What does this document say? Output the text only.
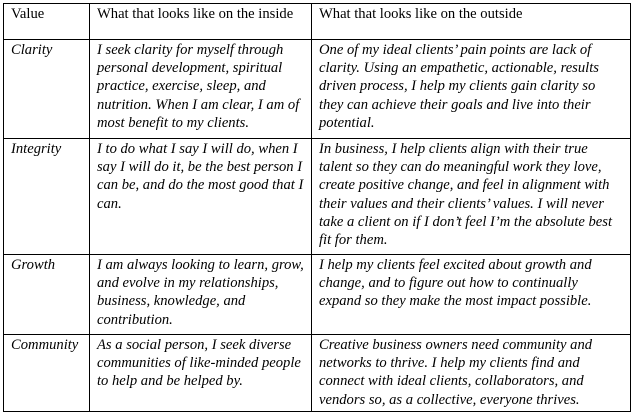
Value	What that looks like on the inside	What that looks like on the outside
Clarity	I seek clarity for myself through personal development, spiritual practice, exercise, sleep, and nutrition. When I am clear, I am of most benefit to my clients.	One of my ideal clients’ pain points are lack of clarity. Using an empathetic, actionable, results driven process, I help my clients gain clarity so they can achieve their goals and live into their potential.
Integrity	I to do what I say I will do, when I say I will do it, be the best person I can be, and do the most good that I can.	In business, I help clients align with their true talent so they can do meaningful work they love, create positive change, and feel in alignment with their values and their clients’ values. I will never take a client on if I don’t feel I’m the absolute best fit for them.
Growth	I am always looking to learn, grow, and evolve in my relationships, business, knowledge, and contribution.	I help my clients feel excited about growth and change, and to figure out how to continually expand so they make the most impact possible.
Community	As a social person, I seek diverse communities of like-minded people to help and be helped by.	Creative business owners need community and networks to thrive. I help my clients find and connect with ideal clients, collaborators, and vendors so, as a collective, everyone thrives.
